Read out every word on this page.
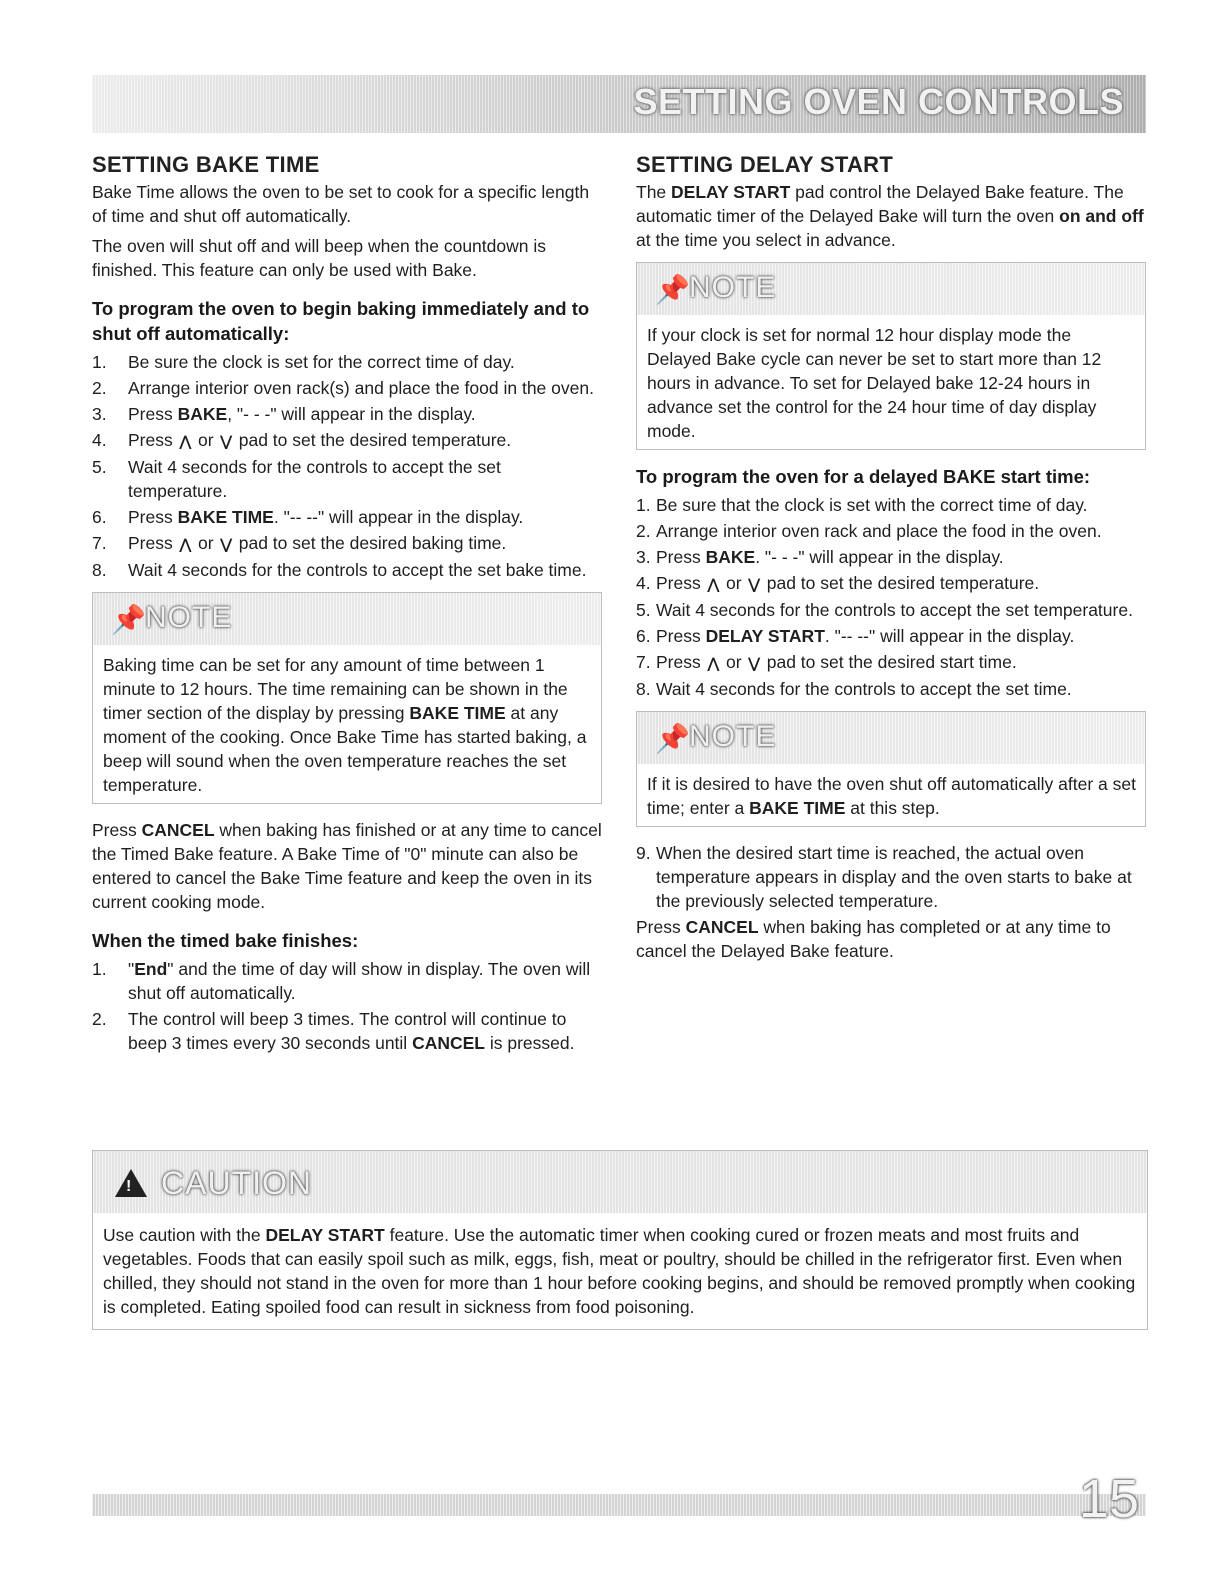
SETTING OVEN CONTROLS
SETTING BAKE TIME

Bake Time allows the oven to be set to cook for a specific length of time and shut off automatically.

The oven will shut off and will beep when the countdown is finished. This feature can only be used with Bake.

To program the oven to begin baking immediately and to shut off automatically:
1. Be sure the clock is set for the correct time of day.
2. Arrange interior oven rack(s) and place the food in the oven.
3. Press BAKE, "- - -" will appear in the display.
4. Press ⋀ or ⋁ pad to set the desired temperature.
5. Wait 4 seconds for the controls to accept the set temperature.
6. Press BAKE TIME. "-- --" will appear in the display.
7. Press ⋀ or ⋁ pad to set the desired baking time.
8. Wait 4 seconds for the controls to accept the set bake time.
📌 NOTE
Baking time can be set for any amount of time between 1 minute to 12 hours. The time remaining can be shown in the timer section of the display by pressing BAKE TIME at any moment of the cooking. Once Bake Time has started baking, a beep will sound when the oven temperature reaches the set temperature.

Press CANCEL when baking has finished or at any time to cancel the Timed Bake feature. A Bake Time of "0" minute can also be entered to cancel the Bake Time feature and keep the oven in its current cooking mode.

When the timed bake finishes:
1. "End" and the time of day will show in display. The oven will shut off automatically.
2. The control will beep 3 times. The control will continue to beep 3 times every 30 seconds until CANCEL is pressed.
SETTING DELAY START

The DELAY START pad control the Delayed Bake feature. The automatic timer of the Delayed Bake will turn the oven on and off at the time you select in advance.

📌 NOTE
If your clock is set for normal 12 hour display mode the Delayed Bake cycle can never be set to start more than 12 hours in advance. To set for Delayed bake 12-24 hours in advance set the control for the 24 hour time of day display mode.
To program the oven for a delayed BAKE start time:
1. Be sure that the clock is set with the correct time of day.
2. Arrange interior oven rack and place the food in the oven.
3. Press BAKE. "- - -" will appear in the display.
4. Press ⋀ or ⋁ pad to set the desired temperature.
5. Wait 4 seconds for the controls to accept the set temperature.
6. Press DELAY START. "-- --" will appear in the display.
7. Press ⋀ or ⋁ pad to set the desired start time.
8. Wait 4 seconds for the controls to accept the set time.
📌 NOTE
If it is desired to have the oven shut off automatically after a set time; enter a BAKE TIME at this step.
9. When the desired start time is reached, the actual oven temperature appears in display and the oven starts to bake at the previously selected temperature.

Press CANCEL when baking has completed or at any time to cancel the Delayed Bake feature.

! CAUTION
Use caution with the DELAY START feature. Use the automatic timer when cooking cured or frozen meats and most fruits and vegetables. Foods that can easily spoil such as milk, eggs, fish, meat or poultry, should be chilled in the refrigerator first. Even when chilled, they should not stand in the oven for more than 1 hour before cooking begins, and should be removed promptly when cooking is completed. Eating spoiled food can result in sickness from food poisoning.
15
